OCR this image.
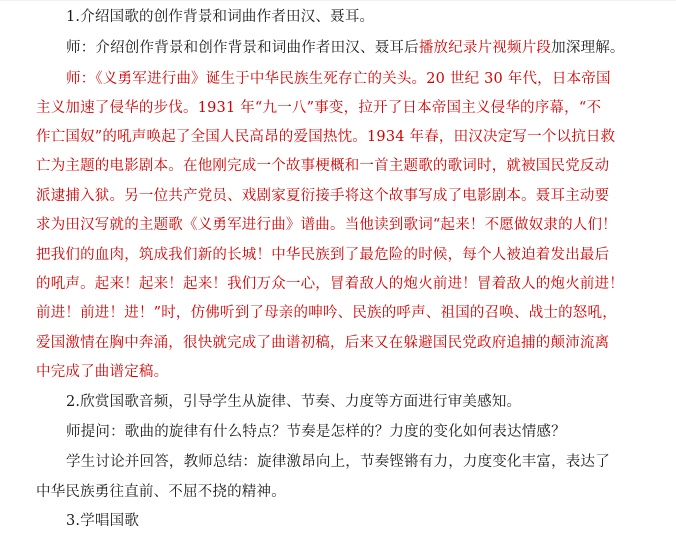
1.介绍国歌的创作背景和词曲作者田汉、聂耳。
师：介绍创作背景和创作背景和词曲作者田汉、聂耳后播放纪录片视频片段加深理解。
师：《义勇军进行曲》诞生于中华民族生死存亡的关头。20 世纪 30 年代，日本帝国
主义加速了侵华的步伐。1931 年“九一八”事变，拉开了日本帝国主义侵华的序幕，“不
作亡国奴”的吼声唤起了全国人民高昂的爱国热忱。1934 年春，田汉决定写一个以抗日救
亡为主题的电影剧本。在他刚完成一个故事梗概和一首主题歌的歌词时，就被国民党反动
派逮捕入狱。另一位共产党员、戏剧家夏衍接手将这个故事写成了电影剧本。聂耳主动要
求为田汉写就的主题歌《义勇军进行曲》谱曲。当他读到歌词“起来！不愿做奴隶的人们！
把我们的血肉，筑成我们新的长城！中华民族到了最危险的时候，每个人被迫着发出最后
的吼声。起来！起来！起来！我们万众一心，冒着敌人的炮火前进！冒着敌人的炮火前进！
前进！前进！进！”时，仿佛听到了母亲的呻吟、民族的呼声、祖国的召唤、战士的怒吼，
爱国激情在胸中奔涌，很快就完成了曲谱初稿，后来又在躲避国民党政府追捕的颠沛流离
中完成了曲谱定稿。
2.欣赏国歌音频，引导学生从旋律、节奏、力度等方面进行审美感知。
师提问：歌曲的旋律有什么特点？节奏是怎样的？力度的变化如何表达情感？
学生讨论并回答，教师总结：旋律激昂向上，节奏铿锵有力，力度变化丰富，表达了
中华民族勇往直前、不屈不挠的精神。
3.学唱国歌
